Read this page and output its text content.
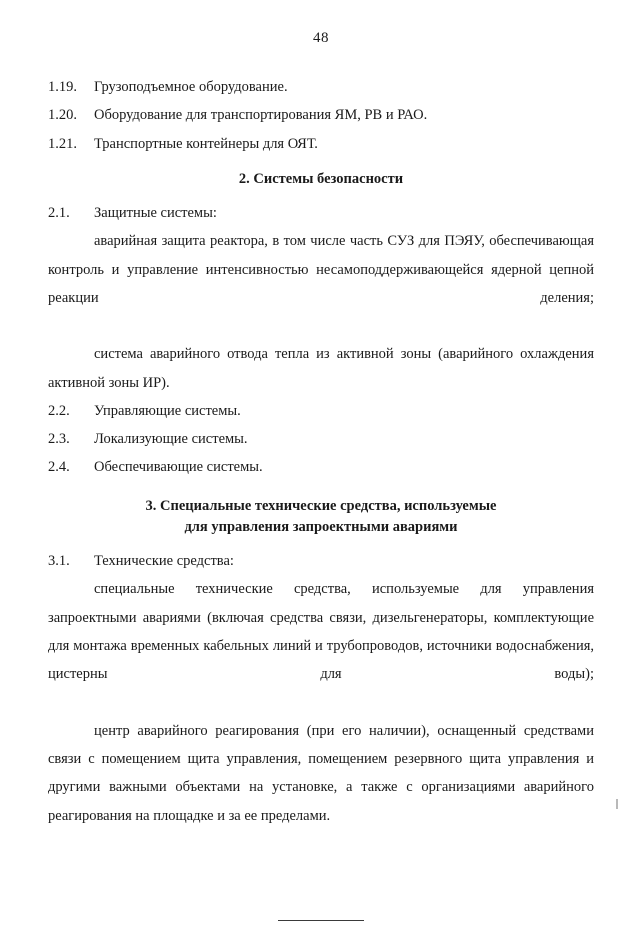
48

1.19. Грузоподъемное оборудование.

1.20. Оборудование для транспортирования ЯМ, РВ и РАО.

1.21. Транспортные контейнеры для ОЯТ.

2. Системы безопасности

2.1. Защитные системы:

аварийная защита реактора, в том числе часть СУЗ для ПЭЯУ, обеспечивающая контроль и управление интенсивностью несамоподдерживающейся ядерной цепной реакции деления;

система аварийного отвода тепла из активной зоны (аварийного охлаждения активной зоны ИР).

2.2. Управляющие системы.

2.3. Локализующие системы.

2.4. Обеспечивающие системы.

3. Специальные технические средства, используемые
для управления запроектными авариями

3.1. Технические средства:

специальные технические средства, используемые для управления запроектными авариями (включая средства связи, дизельгенераторы, комплектующие для монтажа временных кабельных линий и трубопроводов, источники водоснабжения, цистерны для воды);

центр аварийного реагирования (при его наличии), оснащенный средствами связи с помещением щита управления, помещением резервного щита управления и другими важными объектами на установке, а также с организациями аварийного реагирования на площадке и за ее пределами.
